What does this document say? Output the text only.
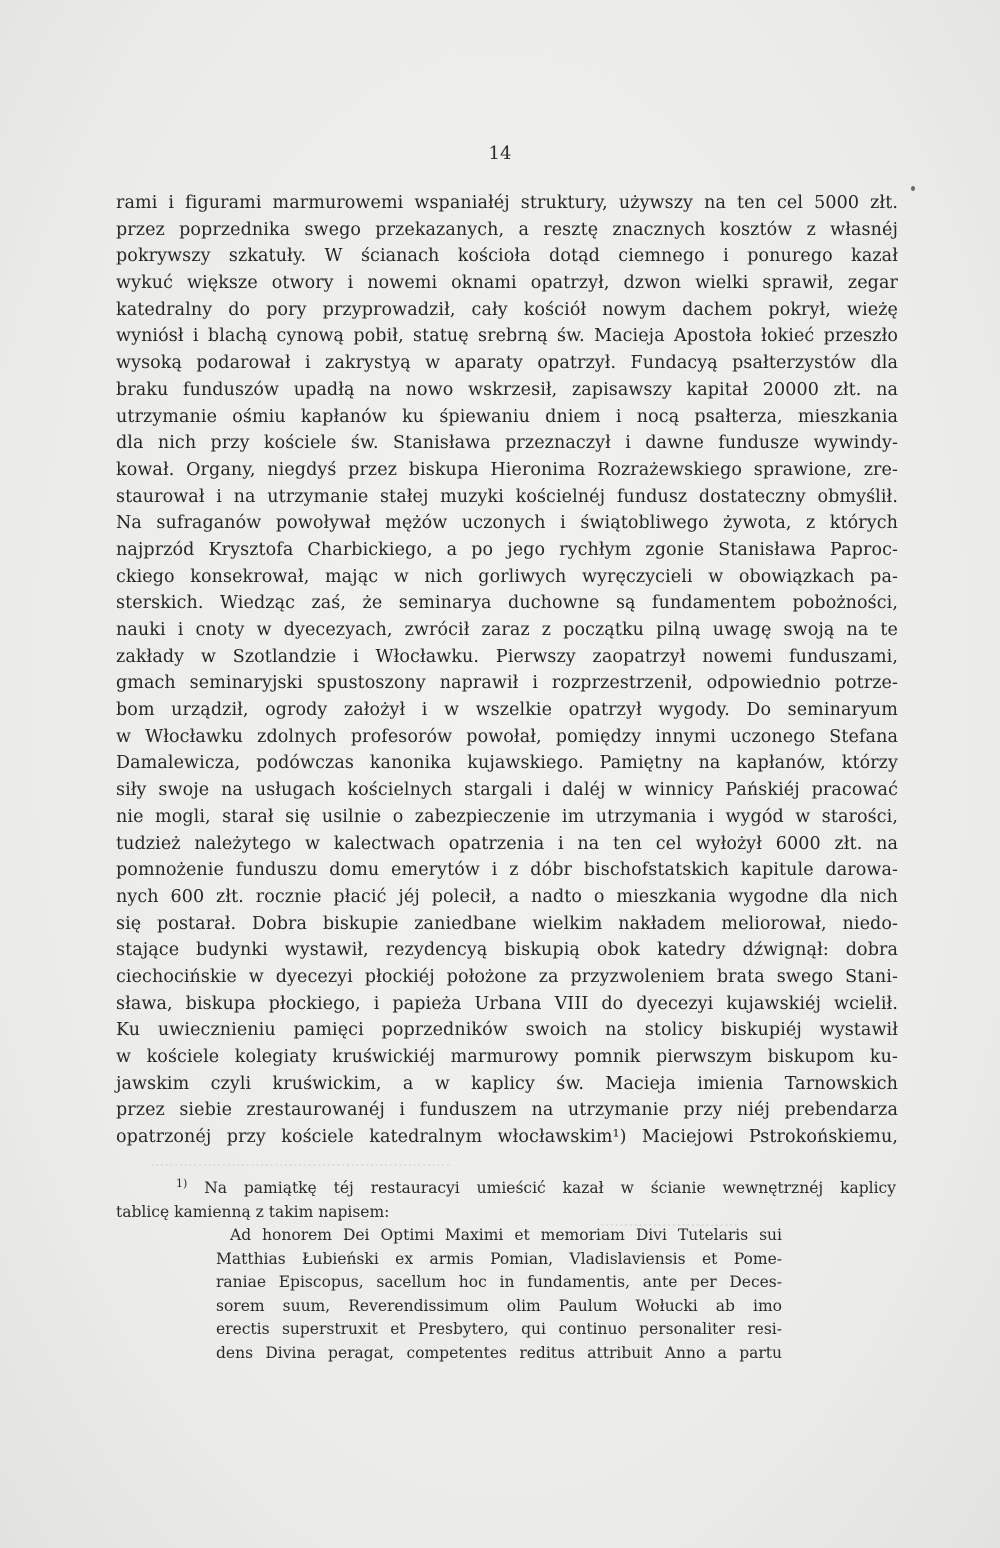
...............................................................
.............................
14
rami i figurami marmurowemi wspaniałéj struktury, używszy na ten cel 5000 złt.
przez poprzednika swego przekazanych, a resztę znacznych kosztów z własnéj
pokrywszy szkatuły. W ścianach kościoła dotąd ciemnego i ponurego kazał
wykuć większe otwory i nowemi oknami opatrzył, dzwon wielki sprawił, zegar
katedralny do pory przyprowadził, cały kościół nowym dachem pokrył, wieżę
wyniósł i blachą cynową pobił, statuę srebrną św. Macieja Apostoła łokieć przeszło
wysoką podarował i zakrystyą w aparaty opatrzył. Fundacyą psałterzystów dla
braku funduszów upadłą na nowo wskrzesił, zapisawszy kapitał 20000 złt. na
utrzymanie ośmiu kapłanów ku śpiewaniu dniem i nocą psałterza, mieszkania
dla nich przy kościele św. Stanisława przeznaczył i dawne fundusze wywindy-
kował. Organy, niegdyś przez biskupa Hieronima Rozrażewskiego sprawione, zre-
staurował i na utrzymanie stałej muzyki kościelnéj fundusz dostateczny obmyślił.
Na sufraganów powoływał mężów uczonych i świątobliwego żywota, z których
najprzód Krysztofa Charbickiego, a po jego rychłym zgonie Stanisława Paproc-
ckiego konsekrował, mając w nich gorliwych wyręczycieli w obowiązkach pa-
sterskich. Wiedząc zaś, że seminarya duchowne są fundamentem pobożności,
nauki i cnoty w dyecezyach, zwrócił zaraz z początku pilną uwagę swoją na te
zakłady w Szotlandzie i Włocławku. Pierwszy zaopatrzył nowemi funduszami,
gmach seminaryjski spustoszony naprawił i rozprzestrzenił, odpowiednio potrze-
bom urządził, ogrody założył i w wszelkie opatrzył wygody. Do seminaryum
w Włocławku zdolnych profesorów powołał, pomiędzy innymi uczonego Stefana
Damalewicza, podówczas kanonika kujawskiego. Pamiętny na kapłanów, którzy
siły swoje na usługach kościelnych stargali i daléj w winnicy Pańskiéj pracować
nie mogli, starał się usilnie o zabezpieczenie im utrzymania i wygód w starości,
tudzież należytego w kalectwach opatrzenia i na ten cel wyłożył 6000 złt. na
pomnożenie funduszu domu emerytów i z dóbr bischofstatskich kapitule darowa-
nych 600 złt. rocznie płacić jéj polecił, a nadto o mieszkania wygodne dla nich
się postarał. Dobra biskupie zaniedbane wielkim nakładem meliorował, niedo-
stające budynki wystawił, rezydencyą biskupią obok katedry dźwignął: dobra
ciechocińskie w dyecezyi płockiéj położone za przyzwoleniem brata swego Stani-
sława, biskupa płockiego, i papieża Urbana VIII do dyecezyi kujawskiéj wcielił.
Ku uwiecznieniu pamięci poprzedników swoich na stolicy biskupiéj wystawił
w kościele kolegiaty kruświckiéj marmurowy pomnik pierwszym biskupom ku-
jawskim czyli kruświckim, a w kaplicy św. Macieja imienia Tarnowskich
przez siebie zrestaurowanéj i funduszem na utrzymanie przy niéj prebendarza
opatrzonéj przy kościele katedralnym włocławskim¹) Maciejowi Pstrokońskiemu,
$^{1)}$ Na pamiątkę téj restauracyi umieścić kazał w ścianie wewnętrznéj kaplicy
tablicę kamienną z takim napisem:
Ad honorem Dei Optimi Maximi et memoriam Divi Tutelaris sui
Matthias Łubieński ex armis Pomian, Vladislaviensis et Pome-
raniae Episcopus, sacellum hoc in fundamentis, ante per Deces-
sorem suum, Reverendissimum olim Paulum Wołucki ab imo
erectis superstruxit et Presbytero, qui continuo personaliter resi-
dens Divina peragat, competentes reditus attribuit Anno a partu
